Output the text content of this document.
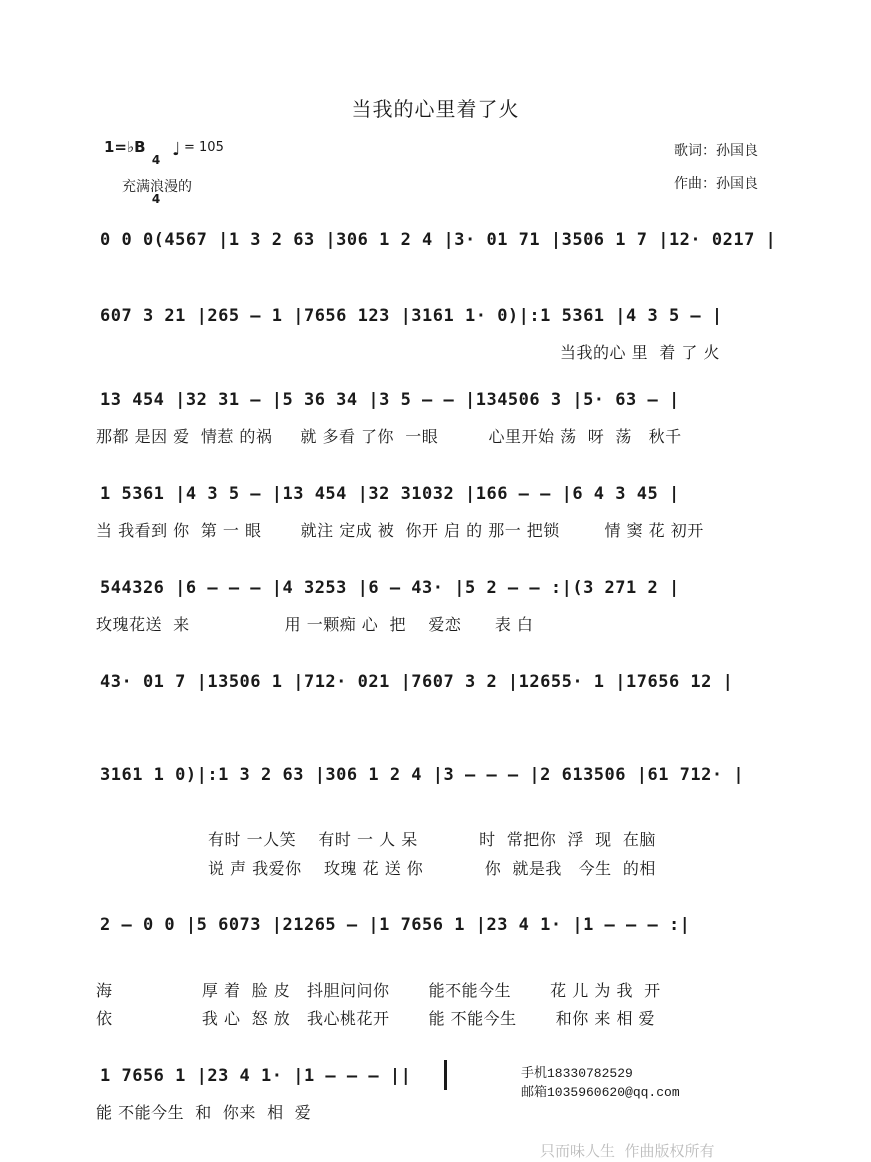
当我的心里着了火
1=♭B

4

4

♩ = 105
充满浪漫的
歌词：孙国良
作曲：孙国良
0 0 0(4567 |1 3 2 63 |306 1 2 4 |3· 01 71 |3506 1 7 |12· 0217 |
607 3 21 |265 – 1 |7656 123 |3161 1· 0)|:1 5361 |4 3 5 – |
当我的心 里  着 了 火
13 454 |32 31 – |5 36 34 |3 5 – – |134506 3 |5· 63 – |
那都 是因 爱  情惹 的祸     就 多看 了你  一眼         心里开始 荡  呀  荡   秋千
1 5361 |4 3 5 – |13 454 |32 31032 |166 – – |6 4 3 45 |
当 我看到 你  第 一 眼       就注 定成 被  你开 启 的 那一 把锁        情 窦 花 初开
544326 |6 – – – |4 3253 |6 – 43· |5 2 – – :|(3 271 2 |
玫瑰花送  来                 用 一颗痴 心  把    爱恋      表 白
43· 01 7 |13506 1 |712· 021 |7607 3 2 |12655· 1 |17656 12 |
3161 1 0)|:1 3 2 63 |306 1 2 4 |3 – – – |2 613506 |61 712· |
有时 一人笑    有时 一 人 呆           时  常把你  浮  现  在脑
说 声 我爱你    玫瑰 花 送 你           你  就是我   今生  的相
2 – 0 0 |5 6073 |21265 – |1 7656 1 |23 4 1· |1 – – – :|
海                厚 着  脸 皮   抖胆问问你       能不能今生       花 儿 为 我  开
依                我 心  怒 放   我心桃花开       能 不能今生       和你 来 相 爱
1 7656 1 |23 4 1· |1 – – – ||
能 不能今生  和  你来  相  爱
手机18330782529
邮箱1035960620@qq.com
只而味人生  作曲版权所有
